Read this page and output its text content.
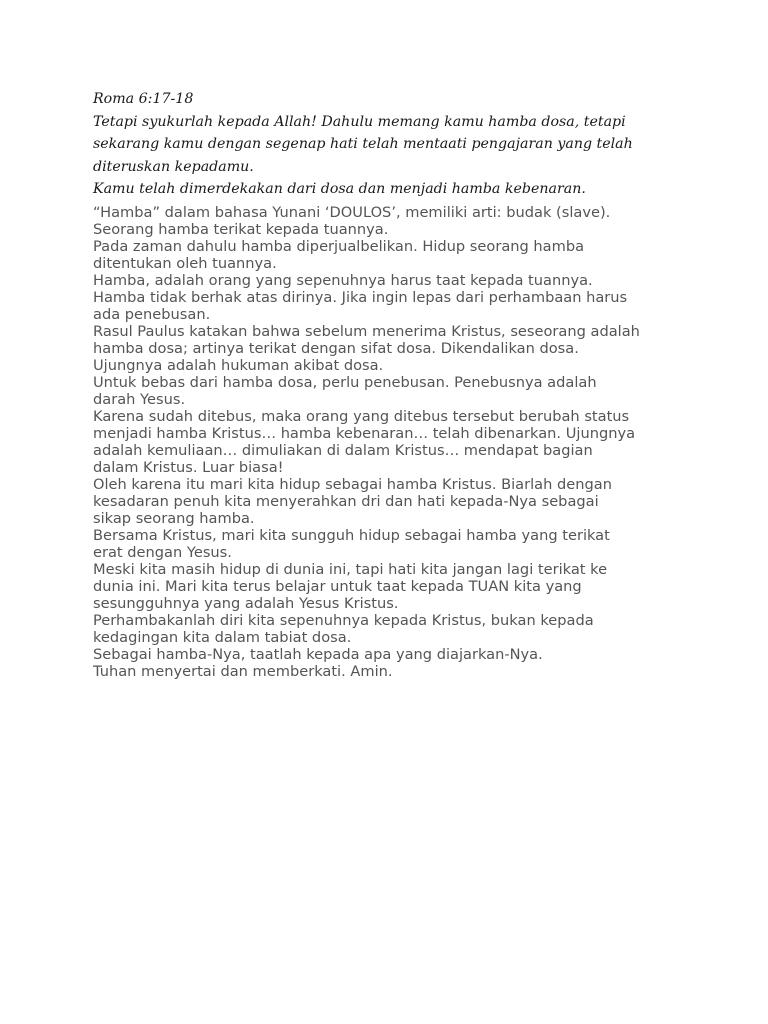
Roma 6:17-18

Tetapi syukurlah kepada Allah! Dahulu memang kamu hamba dosa, tetapi
sekarang kamu dengan segenap hati telah mentaati pengajaran yang telah
diteruskan kepadamu.

Kamu telah dimerdekakan dari dosa dan menjadi hamba kebenaran.

“Hamba” dalam bahasa Yunani ‘DOULOS’, memiliki arti: budak (slave).
Seorang hamba terikat kepada tuannya.

Pada zaman dahulu hamba diperjualbelikan. Hidup seorang hamba
ditentukan oleh tuannya.

Hamba, adalah orang yang sepenuhnya harus taat kepada tuannya.

Hamba tidak berhak atas dirinya. Jika ingin lepas dari perhambaan harus
ada penebusan.

Rasul Paulus katakan bahwa sebelum menerima Kristus, seseorang adalah
hamba dosa; artinya terikat dengan sifat dosa. Dikendalikan dosa.

Ujungnya adalah hukuman akibat dosa.

Untuk bebas dari hamba dosa, perlu penebusan. Penebusnya adalah
darah Yesus.

Karena sudah ditebus, maka orang yang ditebus tersebut berubah status
menjadi hamba Kristus… hamba kebenaran… telah dibenarkan. Ujungnya
adalah kemuliaan… dimuliakan di dalam Kristus… mendapat bagian
dalam Kristus. Luar biasa!

Oleh karena itu mari kita hidup sebagai hamba Kristus. Biarlah dengan
kesadaran penuh kita menyerahkan dri dan hati kepada-Nya sebagai
sikap seorang hamba.

Bersama Kristus, mari kita sungguh hidup sebagai hamba yang terikat
erat dengan Yesus.

Meski kita masih hidup di dunia ini, tapi hati kita jangan lagi terikat ke
dunia ini. Mari kita terus belajar untuk taat kepada TUAN kita yang
sesungguhnya yang adalah Yesus Kristus.

Perhambakanlah diri kita sepenuhnya kepada Kristus, bukan kepada
kedagingan kita dalam tabiat dosa.

Sebagai hamba-Nya, taatlah kepada apa yang diajarkan-Nya.

Tuhan menyertai dan memberkati. Amin.
